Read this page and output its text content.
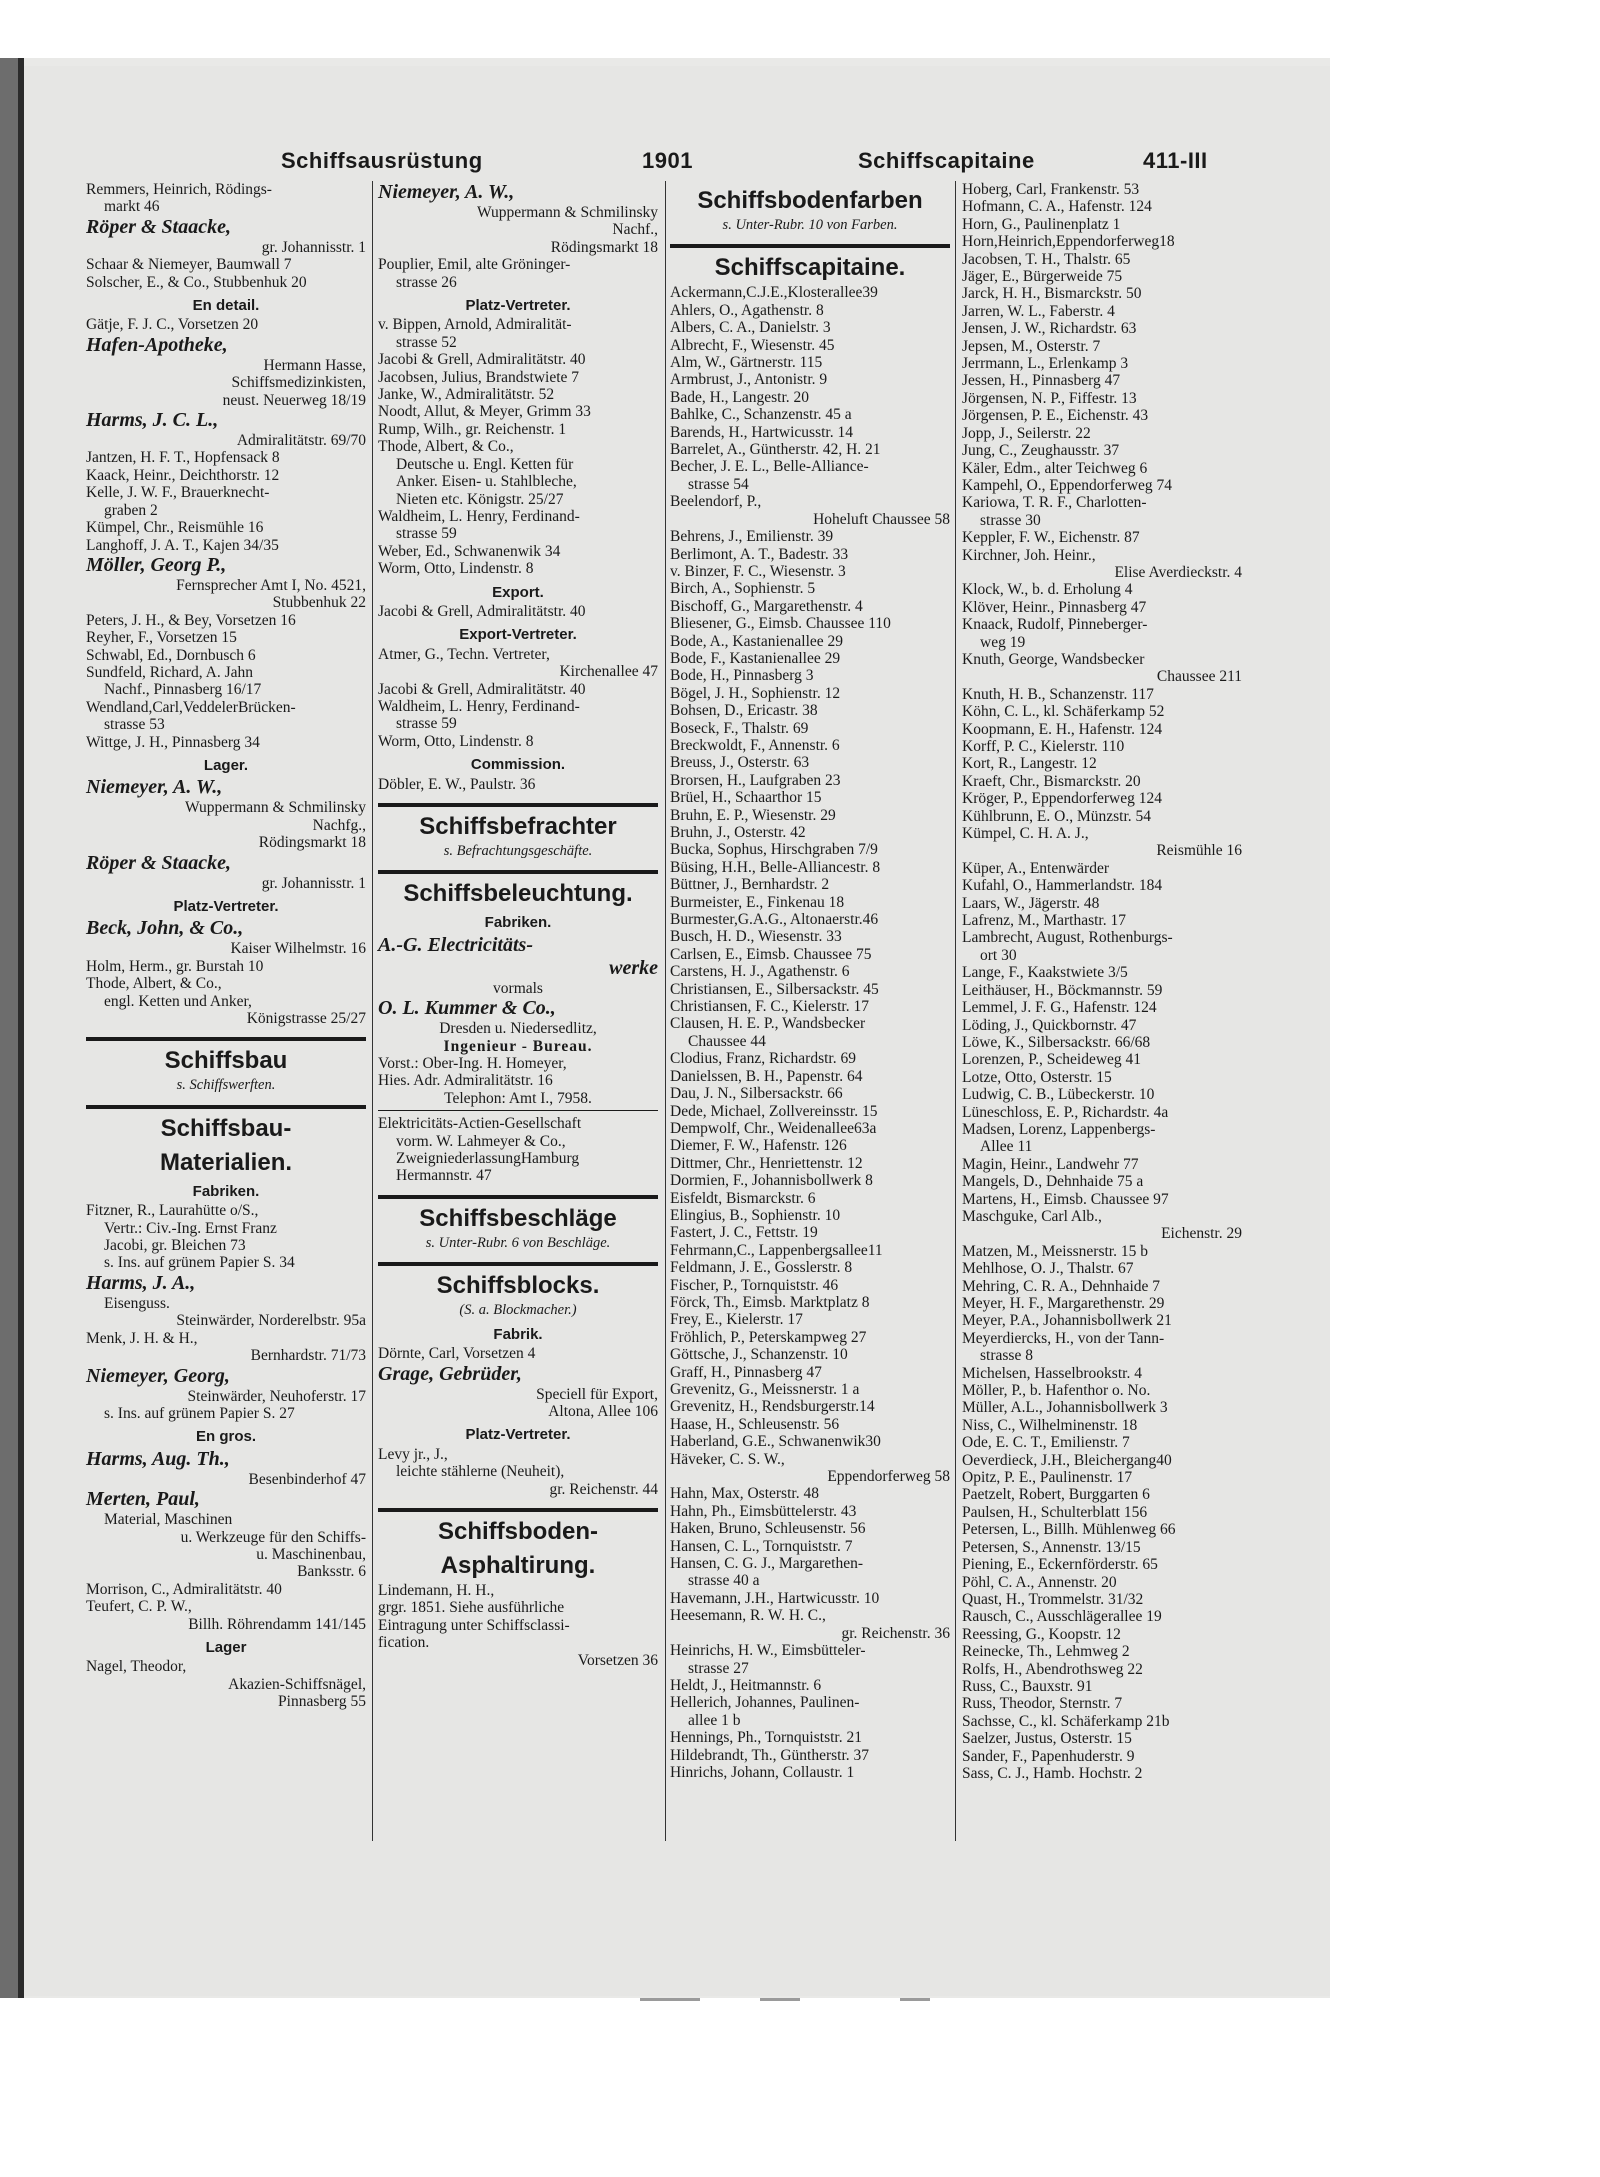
Schiffsausrüstung	1901	Schiffscapitaine	411-III
Remmers, Heinrich, Rödings-
markt 46
Röper & Staacke,
gr. Johannisstr. 1
Schaar & Niemeyer, Baumwall 7
Solscher, E., & Co., Stubbenhuk 20
En detail.
Gätje, F. J. C., Vorsetzen 20
Hafen-Apotheke,
Hermann Hasse,
Schiffsmedizinkisten,
neust. Neuerweg 18/19
Harms, J. C. L.,
Admiralitätstr. 69/70
Jantzen, H. F. T., Hopfensack 8
Kaack, Heinr., Deichthorstr. 12
Kelle, J. W. F., Brauerknecht-
graben 2
Kümpel, Chr., Reismühle 16
Langhoff, J. A. T., Kajen 34/35
Möller, Georg P.,
Fernsprecher Amt I, No. 4521,
Stubbenhuk 22
Peters, J. H., & Bey, Vorsetzen 16
Reyher, F., Vorsetzen 15
Schwabl, Ed., Dornbusch 6
Sundfeld, Richard, A. Jahn
Nachf., Pinnasberg 16/17
Wendland,Carl,VeddelerBrücken-
strasse 53
Wittge, J. H., Pinnasberg 34
Lager.
Niemeyer, A. W.,
Wuppermann & Schmilinsky
Nachfg.,
Rödingsmarkt 18
Röper & Staacke,
gr. Johannisstr. 1
Platz-Vertreter.
Beck, John, & Co.,
Kaiser Wilhelmstr. 16
Holm, Herm., gr. Burstah 10
Thode, Albert, & Co.,
engl. Ketten und Anker,
Königstrasse 25/27
Schiffsbau
s. Schiffswerften.
Schiffsbau-
Materialien.
Fabriken.
Fitzner, R., Laurahütte o/S.,
Vertr.: Civ.-Ing. Ernst Franz
Jacobi, gr. Bleichen 73
s. Ins. auf grünem Papier S. 34
Harms, J. A.,
Eisenguss.
Steinwärder, Norderelbstr. 95a
Menk, J. H. & H.,
Bernhardstr. 71/73
Niemeyer, Georg,
Steinwärder, Neuhoferstr. 17
s. Ins. auf grünem Papier S. 27
En gros.
Harms, Aug. Th.,
Besenbinderhof 47
Merten, Paul,
Material, Maschinen
u. Werkzeuge für den Schiffs-
u. Maschinenbau,
Banksstr. 6
Morrison, C., Admiralitätstr. 40
Teufert, C. P. W.,
Billh. Röhrendamm 141/145
Lager
Nagel, Theodor,
Akazien-Schiffsnägel,
Pinnasberg 55
Niemeyer, A. W.,
Wuppermann & Schmilinsky
Nachf.,
Rödingsmarkt 18
Pouplier, Emil, alte Gröninger-
strasse 26
Platz-Vertreter.
v. Bippen, Arnold, Admiralität-
strasse 52
Jacobi & Grell, Admiralitätstr. 40
Jacobsen, Julius, Brandstwiete 7
Janke, W., Admiralitätstr. 52
Noodt, Allut, & Meyer, Grimm 33
Rump, Wilh., gr. Reichenstr. 1
Thode, Albert, & Co.,
Deutsche u. Engl. Ketten für
Anker. Eisen- u. Stahlbleche,
Nieten etc. Königstr. 25/27
Waldheim, L. Henry, Ferdinand-
strasse 59
Weber, Ed., Schwanenwik 34
Worm, Otto, Lindenstr. 8
Export.
Jacobi & Grell, Admiralitätstr. 40
Export-Vertreter.
Atmer, G., Techn. Vertreter,
Kirchenallee 47
Jacobi & Grell, Admiralitätstr. 40
Waldheim, L. Henry, Ferdinand-
strasse 59
Worm, Otto, Lindenstr. 8
Commission.
Döbler, E. W., Paulstr. 36
Schiffsbefrachter
s. Befrachtungsgeschäfte.
Schiffsbeleuchtung.
Fabriken.
A.-G. Electricitäts-
werke
vormals
O. L. Kummer & Co.,
Dresden u. Niedersedlitz,
Ingenieur - Bureau.
Vorst.: Ober-Ing. H. Homeyer,
Hies. Adr. Admiralitätstr. 16
Telephon: Amt I., 7958.
Elektricitäts-Actien-Gesellschaft
vorm. W. Lahmeyer & Co.,
ZweigniederlassungHamburg
Hermannstr. 47
Schiffsbeschläge
s. Unter-Rubr. 6 von Beschläge.
Schiffsblocks.
(S. a. Blockmacher.)
Fabrik.
Dörnte, Carl, Vorsetzen 4
Grage, Gebrüder,
Speciell für Export,
Altona, Allee 106
Platz-Vertreter.
Levy jr., J.,
leichte stählerne (Neuheit),
gr. Reichenstr. 44
Schiffsboden-
Asphaltirung.
Lindemann, H. H.,
grgr. 1851. Siehe ausführliche
Eintragung unter Schiffsclassi-
fication.
Vorsetzen 36
Schiffsbodenfarben
s. Unter-Rubr. 10 von Farben.
Schiffscapitaine.
Ackermann,C.J.E.,Klosterallee39
Ahlers, O., Agathenstr. 8
Albers, C. A., Danielstr. 3
Albrecht, F., Wiesenstr. 45
Alm, W., Gärtnerstr. 115
Armbrust, J., Antonistr. 9
Bade, H., Langestr. 20
Bahlke, C., Schanzenstr. 45 a
Barends, H., Hartwicusstr. 14
Barrelet, A., Güntherstr. 42, H. 21
Becher, J. E. L., Belle-Alliance-
strasse 54
Beelendorf, P.,
Hoheluft Chaussee 58
Behrens, J., Emilienstr. 39
Berlimont, A. T., Badestr. 33
v. Binzer, F. C., Wiesenstr. 3
Birch, A., Sophienstr. 5
Bischoff, G., Margarethenstr. 4
Bliesener, G., Eimsb. Chaussee 110
Bode, A., Kastanienallee 29
Bode, F., Kastanienallee 29
Bode, H., Pinnasberg 3
Bögel, J. H., Sophienstr. 12
Bohsen, D., Ericastr. 38
Boseck, F., Thalstr. 69
Breckwoldt, F., Annenstr. 6
Breuss, J., Osterstr. 63
Brorsen, H., Laufgraben 23
Brüel, H., Schaarthor 15
Bruhn, E. P., Wiesenstr. 29
Bruhn, J., Osterstr. 42
Bucka, Sophus, Hirschgraben 7/9
Büsing, H.H., Belle-Alliancestr. 8
Büttner, J., Bernhardstr. 2
Burmeister, E., Finkenau 18
Burmester,G.A.G., Altonaerstr.46
Busch, H. D., Wiesenstr. 33
Carlsen, E., Eimsb. Chaussee 75
Carstens, H. J., Agathenstr. 6
Christiansen, E., Silbersackstr. 45
Christiansen, F. C., Kielerstr. 17
Clausen, H. E. P., Wandsbecker
Chaussee 44
Clodius, Franz, Richardstr. 69
Danielssen, B. H., Papenstr. 64
Dau, J. N., Silbersackstr. 66
Dede, Michael, Zollvereinsstr. 15
Dempwolf, Chr., Weidenallee63a
Diemer, F. W., Hafenstr. 126
Dittmer, Chr., Henriettenstr. 12
Dormien, F., Johannisbollwerk 8
Eisfeldt, Bismarckstr. 6
Elingius, B., Sophienstr. 10
Fastert, J. C., Fettstr. 19
Fehrmann,C., Lappenbergsallee11
Feldmann, J. E., Gosslerstr. 8
Fischer, P., Tornquiststr. 46
Förck, Th., Eimsb. Marktplatz 8
Frey, E., Kielerstr. 17
Fröhlich, P., Peterskampweg 27
Göttsche, J., Schanzenstr. 10
Graff, H., Pinnasberg 47
Grevenitz, G., Meissnerstr. 1 a
Grevenitz, H., Rendsburgerstr.14
Haase, H., Schleusenstr. 56
Haberland, G.E., Schwanenwik30
Häveker, C. S. W.,
Eppendorferweg 58
Hahn, Max, Osterstr. 48
Hahn, Ph., Eimsbüttelerstr. 43
Haken, Bruno, Schleusenstr. 56
Hansen, C. L., Tornquiststr. 7
Hansen, C. G. J., Margarethen-
strasse 40 a
Havemann, J.H., Hartwicusstr. 10
Heesemann, R. W. H. C.,
gr. Reichenstr. 36
Heinrichs, H. W., Eimsbütteler-
strasse 27
Heldt, J., Heitmannstr. 6
Hellerich, Johannes, Paulinen-
allee 1 b
Hennings, Ph., Tornquiststr. 21
Hildebrandt, Th., Güntherstr. 37
Hinrichs, Johann, Collaustr. 1
Hoberg, Carl, Frankenstr. 53
Hofmann, C. A., Hafenstr. 124
Horn, G., Paulinenplatz 1
Horn,Heinrich,Eppendorferweg18
Jacobsen, T. H., Thalstr. 65
Jäger, E., Bürgerweide 75
Jarck, H. H., Bismarckstr. 50
Jarren, W. L., Faberstr. 4
Jensen, J. W., Richardstr. 63
Jepsen, M., Osterstr. 7
Jerrmann, L., Erlenkamp 3
Jessen, H., Pinnasberg 47
Jörgensen, N. P., Fiffestr. 13
Jörgensen, P. E., Eichenstr. 43
Jopp, J., Seilerstr. 22
Jung, C., Zeughausstr. 37
Käler, Edm., alter Teichweg 6
Kampehl, O., Eppendorferweg 74
Kariowa, T. R. F., Charlotten-
strasse 30
Keppler, F. W., Eichenstr. 87
Kirchner, Joh. Heinr.,
Elise Averdieckstr. 4
Klock, W., b. d. Erholung 4
Klöver, Heinr., Pinnasberg 47
Knaack, Rudolf, Pinneberger-
weg 19
Knuth, George, Wandsbecker
Chaussee 211
Knuth, H. B., Schanzenstr. 117
Köhn, C. L., kl. Schäferkamp 52
Koopmann, E. H., Hafenstr. 124
Korff, P. C., Kielerstr. 110
Kort, R., Langestr. 12
Kraeft, Chr., Bismarckstr. 20
Kröger, P., Eppendorferweg 124
Kühlbrunn, E. O., Münzstr. 54
Kümpel, C. H. A. J.,
Reismühle 16
Küper, A., Entenwärder
Kufahl, O., Hammerlandstr. 184
Laars, W., Jägerstr. 48
Lafrenz, M., Marthastr. 17
Lambrecht, August, Rothenburgs-
ort 30
Lange, F., Kaakstwiete 3/5
Leithäuser, H., Böckmannstr. 59
Lemmel, J. F. G., Hafenstr. 124
Löding, J., Quickbornstr. 47
Löwe, K., Silbersackstr. 66/68
Lorenzen, P., Scheideweg 41
Lotze, Otto, Osterstr. 15
Ludwig, C. B., Lübeckerstr. 10
Lüneschloss, E. P., Richardstr. 4a
Madsen, Lorenz, Lappenbergs-
Allee 11
Magin, Heinr., Landwehr 77
Mangels, D., Dehnhaide 75 a
Martens, H., Eimsb. Chaussee 97
Maschguke, Carl Alb.,
Eichenstr. 29
Matzen, M., Meissnerstr. 15 b
Mehlhose, O. J., Thalstr. 67
Mehring, C. R. A., Dehnhaide 7
Meyer, H. F., Margarethenstr. 29
Meyer, P.A., Johannisbollwerk 21
Meyerdiercks, H., von der Tann-
strasse 8
Michelsen, Hasselbrookstr. 4
Möller, P., b. Hafenthor o. No.
Müller, A.L., Johannisbollwerk 3
Niss, C., Wilhelminenstr. 18
Ode, E. C. T., Emilienstr. 7
Oeverdieck, J.H., Bleichergang40
Opitz, P. E., Paulinenstr. 17
Paetzelt, Robert, Burggarten 6
Paulsen, H., Schulterblatt 156
Petersen, L., Billh. Mühlenweg 66
Petersen, S., Annenstr. 13/15
Piening, E., Eckernförderstr. 65
Pöhl, C. A., Annenstr. 20
Quast, H., Trommelstr. 31/32
Rausch, C., Ausschlägerallee 19
Reessing, G., Koopstr. 12
Reinecke, Th., Lehmweg 2
Rolfs, H., Abendrothsweg 22
Russ, C., Bauxstr. 91
Russ, Theodor, Sternstr. 7
Sachsse, C., kl. Schäferkamp 21b
Saelzer, Justus, Osterstr. 15
Sander, F., Papenhuderstr. 9
Sass, C. J., Hamb. Hochstr. 2
